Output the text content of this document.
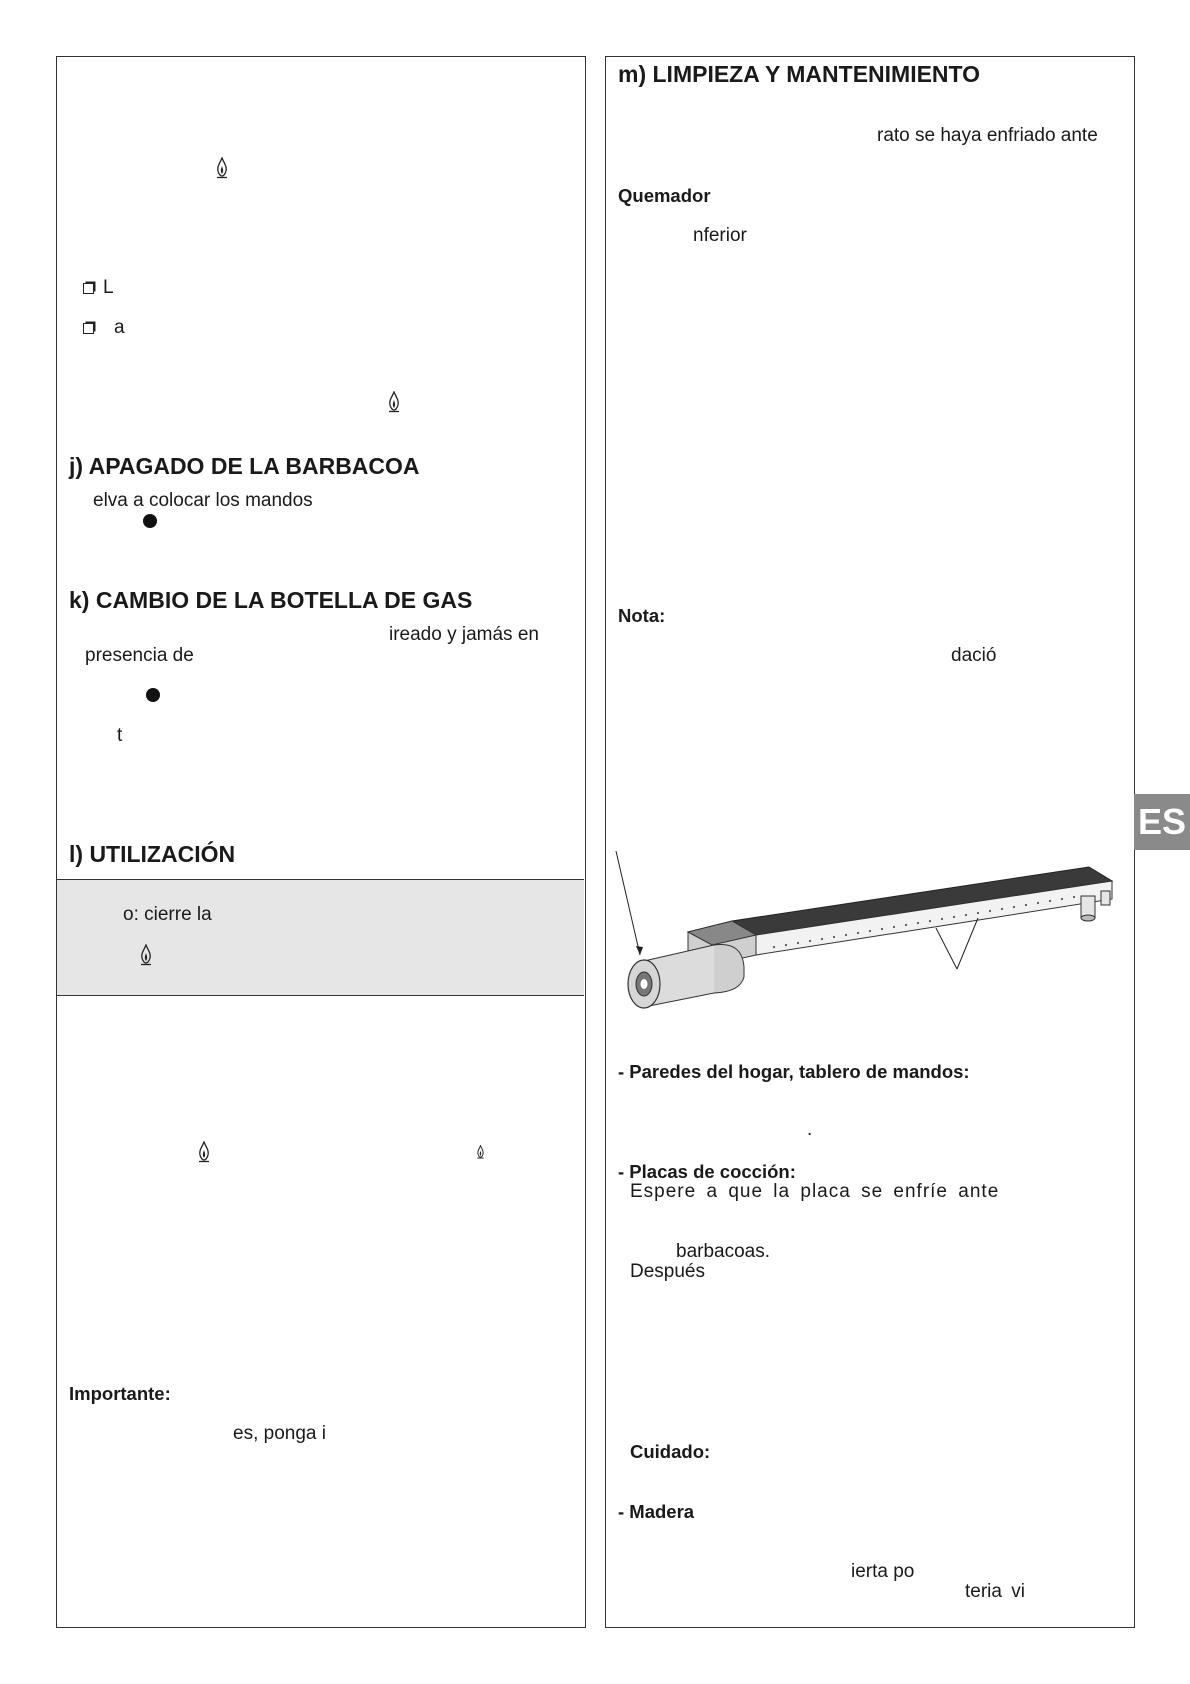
L
a
j) APAGADO DE LA BARBACOA
elva a colocar los mandos
k) CAMBIO DE LA BOTELLA DE GAS
ireado y jamás en
presencia de
t
l) UTILIZACIÓN
o: cierre la
Importante:
es, ponga i
m) LIMPIEZA Y MANTENIMIENTO
rato se haya enfriado ante
Quemador
nferior
Nota:
dació
- Paredes del hogar, tablero de mandos:
.
- Placas de cocción:
Espere a que la placa se enfríe ante
barbacoas.
Después
Cuidado:
- Madera
ierta po
teria vi
ES
